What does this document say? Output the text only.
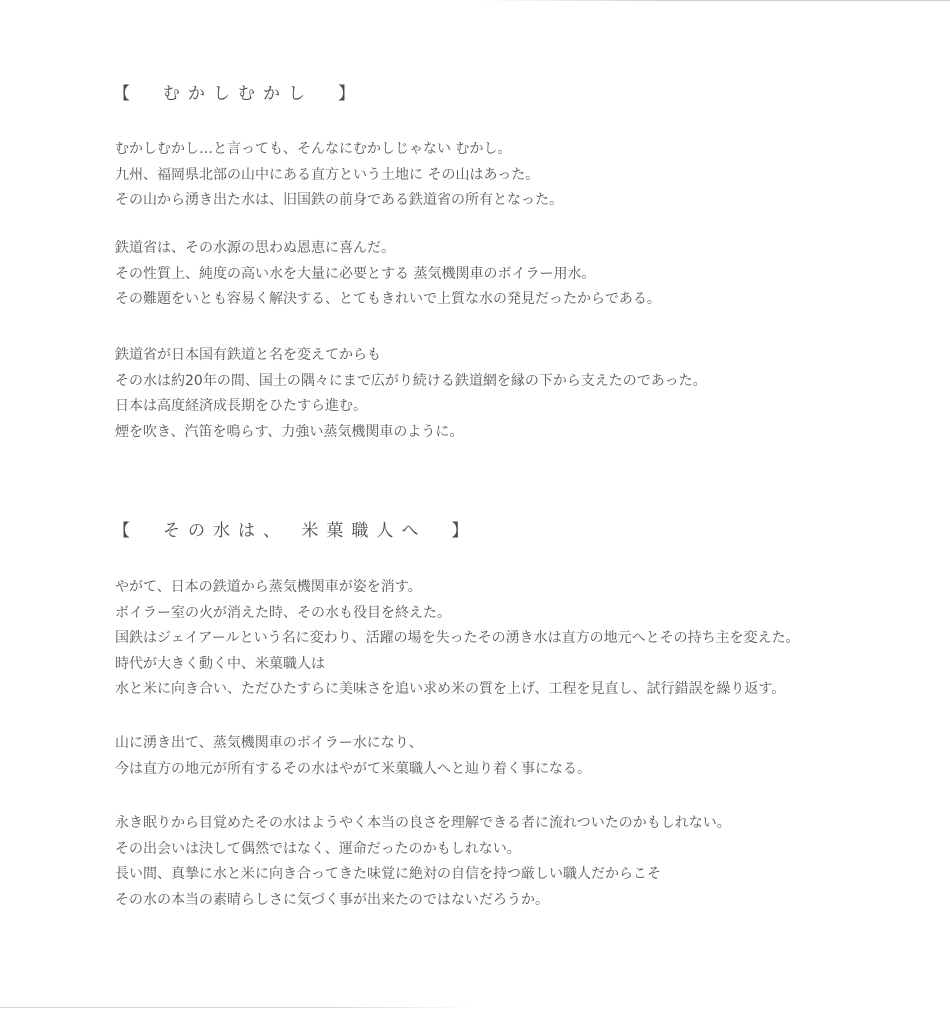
【　むかしむかし　】

むかしむかし…と言っても、そんなにむかしじゃない むかし。
九州、福岡県北部の山中にある直方という土地に その山はあった。
その山から湧き出た水は、旧国鉄の前身である鉄道省の所有となった。

鉄道省は、その水源の思わぬ恩恵に喜んだ。
その性質上、純度の高い水を大量に必要とする 蒸気機関車のボイラー用水。
その難題をいとも容易く解決する、とてもきれいで上質な水の発見だったからである。

鉄道省が日本国有鉄道と名を変えてからも
その水は約20年の間、国土の隅々にまで広がり続ける鉄道網を縁の下から支えたのであった。
日本は高度経済成長期をひたすら進む。
煙を吹き、汽笛を鳴らす、力強い蒸気機関車のように。

【　その水は、 米菓職人へ　】

やがて、日本の鉄道から蒸気機関車が姿を消す。
ボイラー室の火が消えた時、その水も役目を終えた。
国鉄はジェイアールという名に変わり、活躍の場を失ったその湧き水は直方の地元へとその持ち主を変えた。
時代が大きく動く中、米菓職人は
水と米に向き合い、ただひたすらに美味さを追い求め米の質を上げ、工程を見直し、試行錯誤を繰り返す。

山に湧き出て、蒸気機関車のボイラー水になり、
今は直方の地元が所有するその水はやがて米菓職人へと辿り着く事になる。

永き眠りから目覚めたその水はようやく本当の良さを理解できる者に流れついたのかもしれない。
その出会いは決して偶然ではなく、運命だったのかもしれない。
長い間、真摯に水と米に向き合ってきた味覚に絶対の自信を持つ厳しい職人だからこそ
その水の本当の素晴らしさに気づく事が出来たのではないだろうか。
